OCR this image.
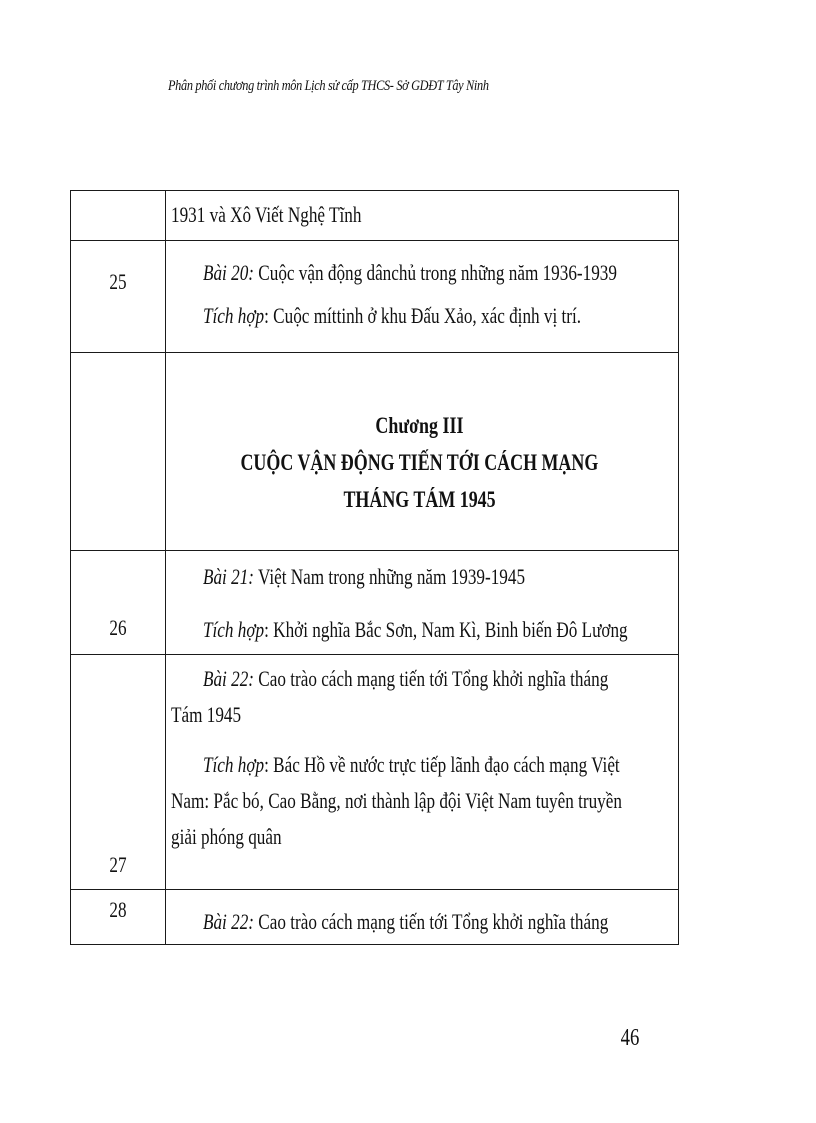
Phân phối chương trình môn Lịch sử cấp THCS- Sở GDĐT Tây Ninh

	1931 và Xô Viết Nghệ Tĩnh

25	Bài 20: Cuộc vận động dânchủ trong những năm 1936-1939
Tích hợp: Cuộc míttinh ở khu Đấu Xảo, xác định vị trí.

	Chương III
CUỘC VẬN ĐỘNG TIẾN TỚI CÁCH MẠNG
THÁNG TÁM 1945

26	Bài 21: Việt Nam trong những năm 1939-1945
Tích hợp: Khởi nghĩa Bắc Sơn, Nam Kì, Binh biến Đô Lương

27	Bài 22: Cao trào cách mạng tiến tới Tổng khởi nghĩa tháng
Tám 1945
Tích hợp: Bác Hồ về nước trực tiếp lãnh đạo cách mạng Việt
Nam: Pắc bó, Cao Bằng, nơi thành lập đội Việt Nam tuyên truyền
giải phóng quân

28	Bài 22: Cao trào cách mạng tiến tới Tổng khởi nghĩa tháng
46
